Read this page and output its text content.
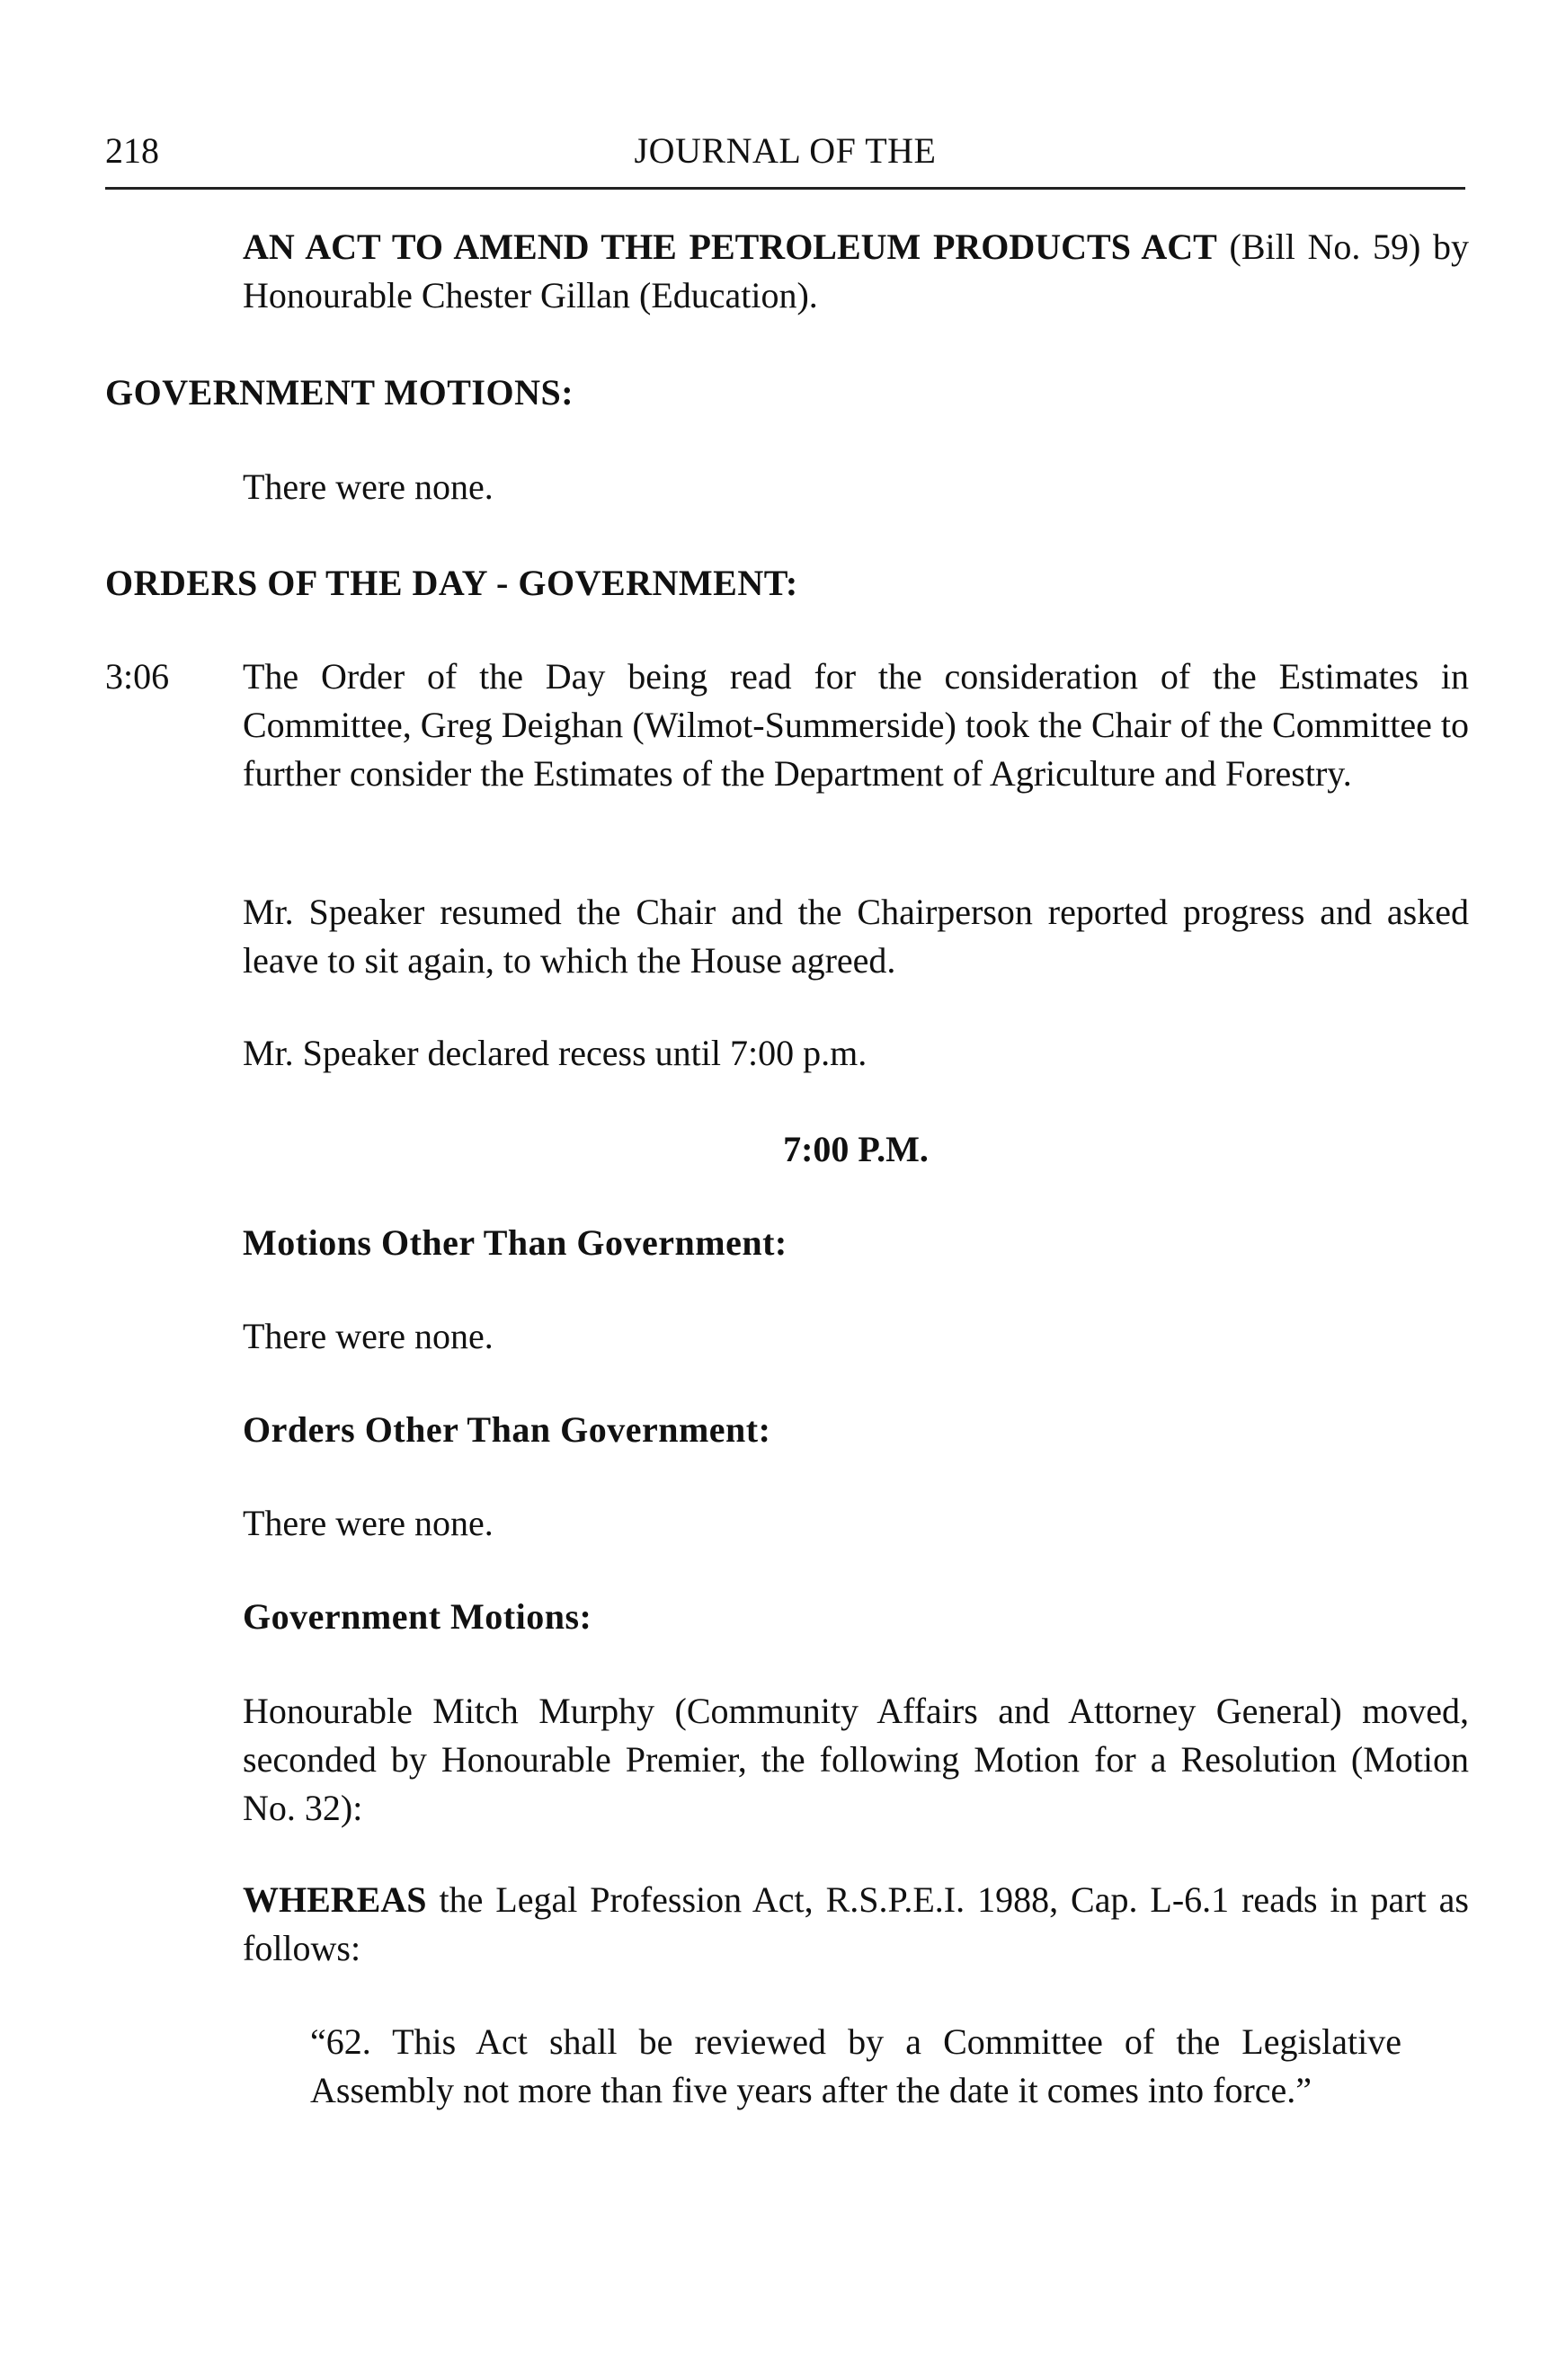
218	JOURNAL OF THE

AN ACT TO AMEND THE PETROLEUM PRODUCTS ACT (Bill No. 59) by Honourable Chester Gillan (Education).

GOVERNMENT MOTIONS:

There were none.

ORDERS OF THE DAY - GOVERNMENT:

3:06 The Order of the Day being read for the consideration of the Estimates in Committee, Greg Deighan (Wilmot-Summerside) took the Chair of the Committee to further consider the Estimates of the Department of Agriculture and Forestry.

Mr. Speaker resumed the Chair and the Chairperson reported progress and asked leave to sit again, to which the House agreed.

Mr. Speaker declared recess until 7:00 p.m.

7:00 P.M.

Motions Other Than Government:

There were none.

Orders Other Than Government:

There were none.

Government Motions:

Honourable Mitch Murphy (Community Affairs and Attorney General) moved, seconded by Honourable Premier, the following Motion for a Resolution (Motion No. 32):

WHEREAS the Legal Profession Act, R.S.P.E.I. 1988, Cap. L-6.1 reads in part as follows:

“62. This Act shall be reviewed by a Committee of the Legislative Assembly not more than five years after the date it comes into force.”
